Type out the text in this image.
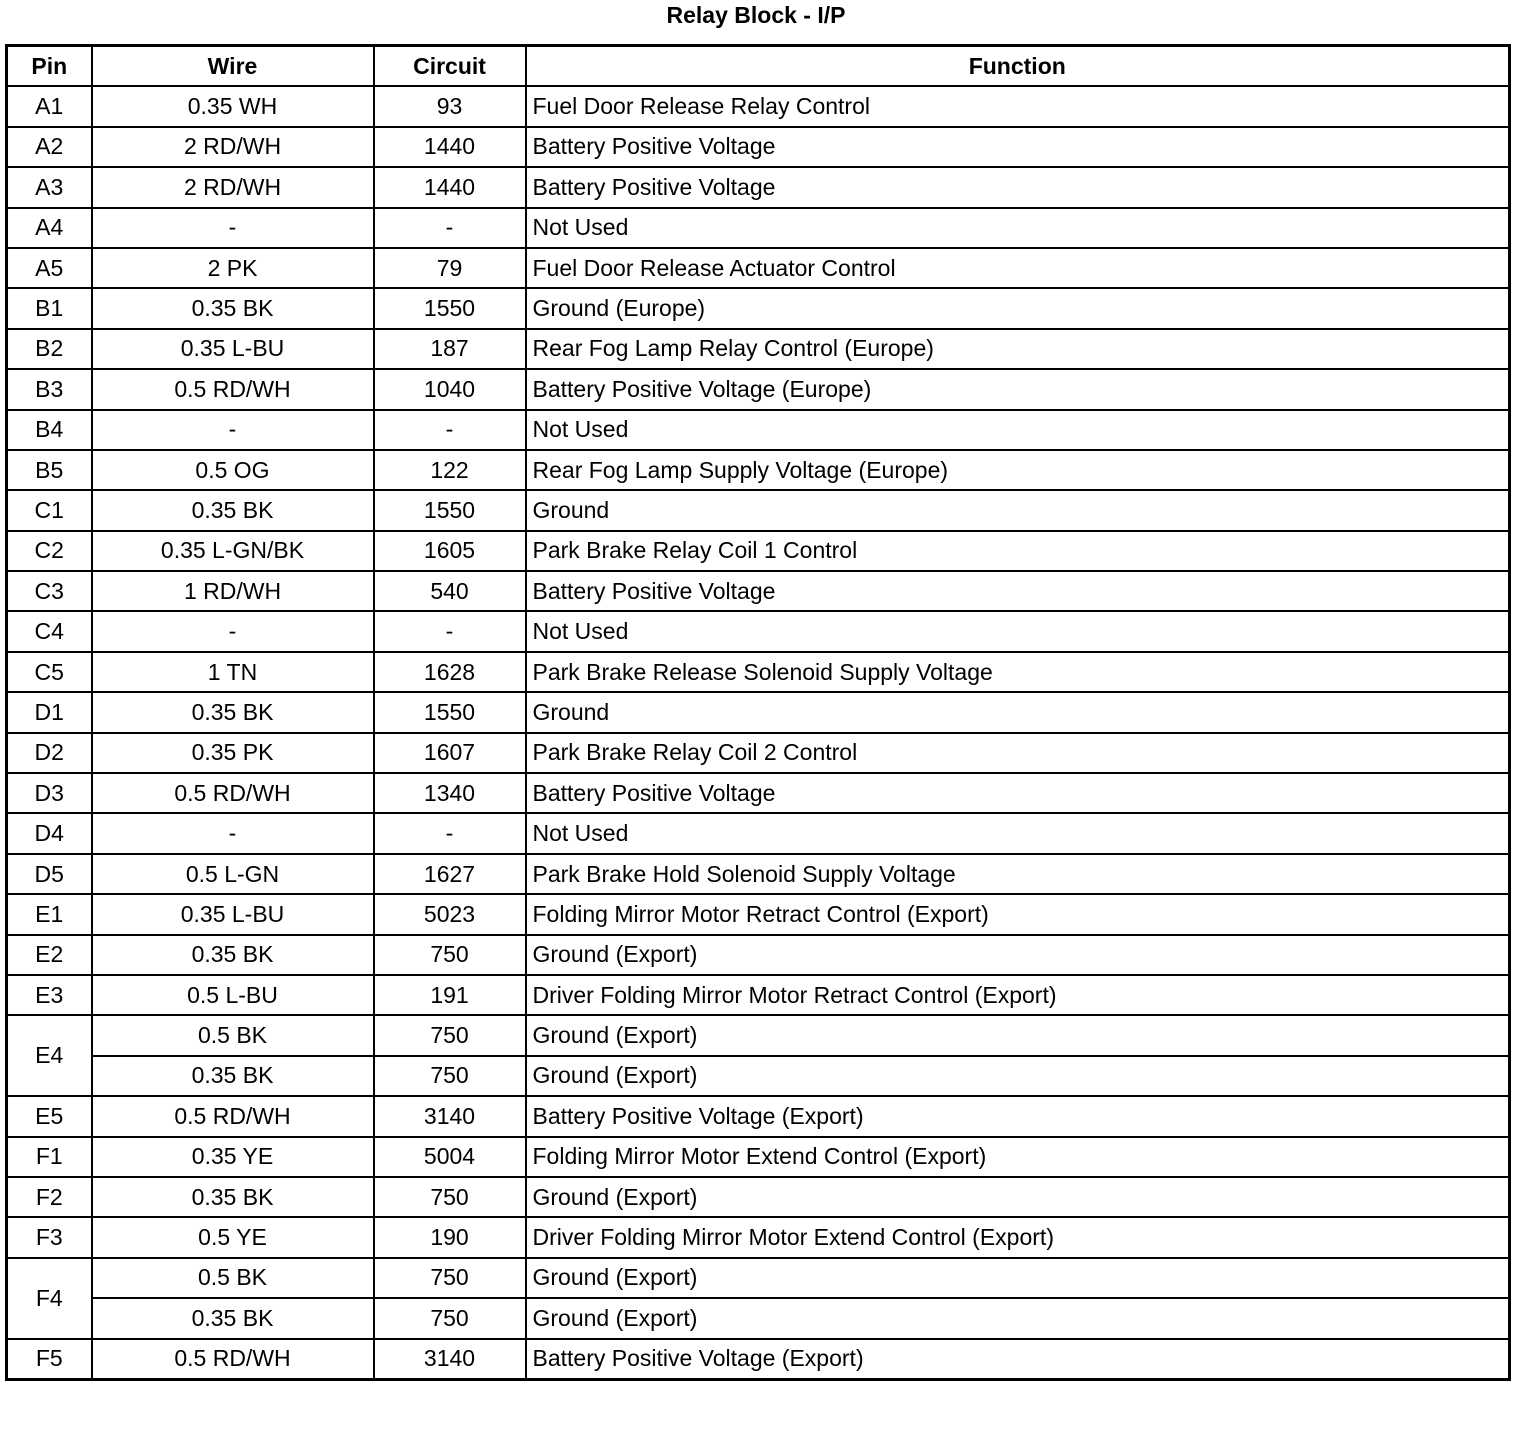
Relay Block - I/P
Pin	Wire	Circuit	Function
A1	0.35 WH	93	Fuel Door Release Relay Control
A2	2 RD/WH	1440	Battery Positive Voltage
A3	2 RD/WH	1440	Battery Positive Voltage
A4	-	-	Not Used
A5	2 PK	79	Fuel Door Release Actuator Control
B1	0.35 BK	1550	Ground (Europe)
B2	0.35 L-BU	187	Rear Fog Lamp Relay Control (Europe)
B3	0.5 RD/WH	1040	Battery Positive Voltage (Europe)
B4	-	-	Not Used
B5	0.5 OG	122	Rear Fog Lamp Supply Voltage (Europe)
C1	0.35 BK	1550	Ground
C2	0.35 L-GN/BK	1605	Park Brake Relay Coil 1 Control
C3	1 RD/WH	540	Battery Positive Voltage
C4	-	-	Not Used
C5	1 TN	1628	Park Brake Release Solenoid Supply Voltage
D1	0.35 BK	1550	Ground
D2	0.35 PK	1607	Park Brake Relay Coil 2 Control
D3	0.5 RD/WH	1340	Battery Positive Voltage
D4	-	-	Not Used
D5	0.5 L-GN	1627	Park Brake Hold Solenoid Supply Voltage
E1	0.35 L-BU	5023	Folding Mirror Motor Retract Control (Export)
E2	0.35 BK	750	Ground (Export)
E3	0.5 L-BU	191	Driver Folding Mirror Motor Retract Control (Export)
E4	0.5 BK	750	Ground (Export)
	0.35 BK	750	Ground (Export)
E5	0.5 RD/WH	3140	Battery Positive Voltage (Export)
F1	0.35 YE	5004	Folding Mirror Motor Extend Control (Export)
F2	0.35 BK	750	Ground (Export)
F3	0.5 YE	190	Driver Folding Mirror Motor Extend Control (Export)
F4	0.5 BK	750	Ground (Export)
	0.35 BK	750	Ground (Export)
F5	0.5 RD/WH	3140	Battery Positive Voltage (Export)
